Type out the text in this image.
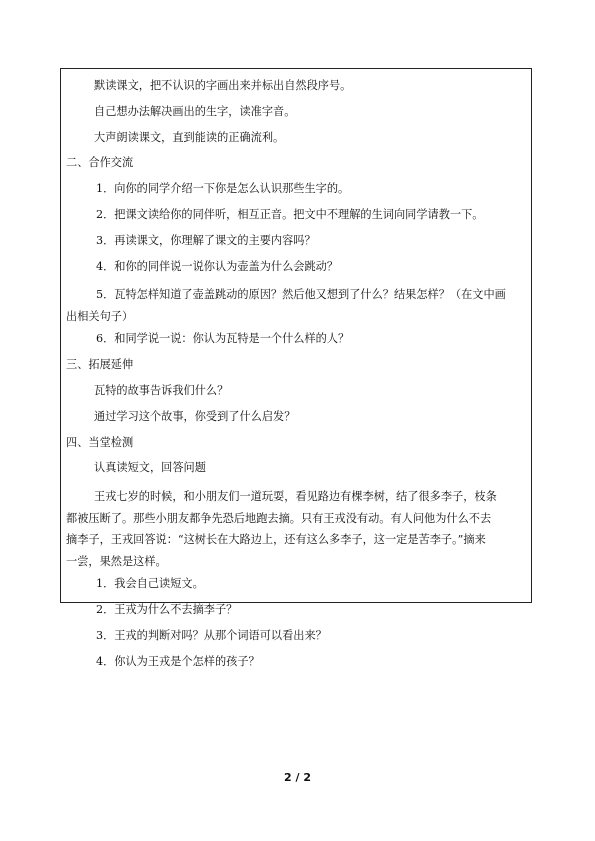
默读课文，把不认识的字画出来并标出自然段序号。
自己想办法解决画出的生字，读准字音。
大声朗读课文，直到能读的正确流利。
二、合作交流
1．向你的同学介绍一下你是怎么认识那些生字的。
2．把课文读给你的同伴听，相互正音。把文中不理解的生词向同学请教一下。
3．再读课文，你理解了课文的主要内容吗？
4．和你的同伴说一说你认为壶盖为什么会跳动？
5．瓦特怎样知道了壶盖跳动的原因？然后他又想到了什么？结果怎样？（在文中画
出相关句子）
6．和同学说一说：你认为瓦特是一个什么样的人？
三、拓展延伸
瓦特的故事告诉我们什么？
通过学习这个故事，你受到了什么启发？
四、当堂检测
认真读短文，回答问题
王戎七岁的时候，和小朋友们一道玩耍，看见路边有棵李树，结了很多李子，枝条
都被压断了。那些小朋友都争先恐后地跑去摘。只有王戎没有动。有人问他为什么不去
摘李子，王戎回答说：“这树长在大路边上，还有这么多李子，这一定是苦李子。”摘来
一尝，果然是这样。
1．我会自己读短文。
2．王戎为什么不去摘李子？
3．王戎的判断对吗？从那个词语可以看出来？
4．你认为王戎是个怎样的孩子？
2 / 2
